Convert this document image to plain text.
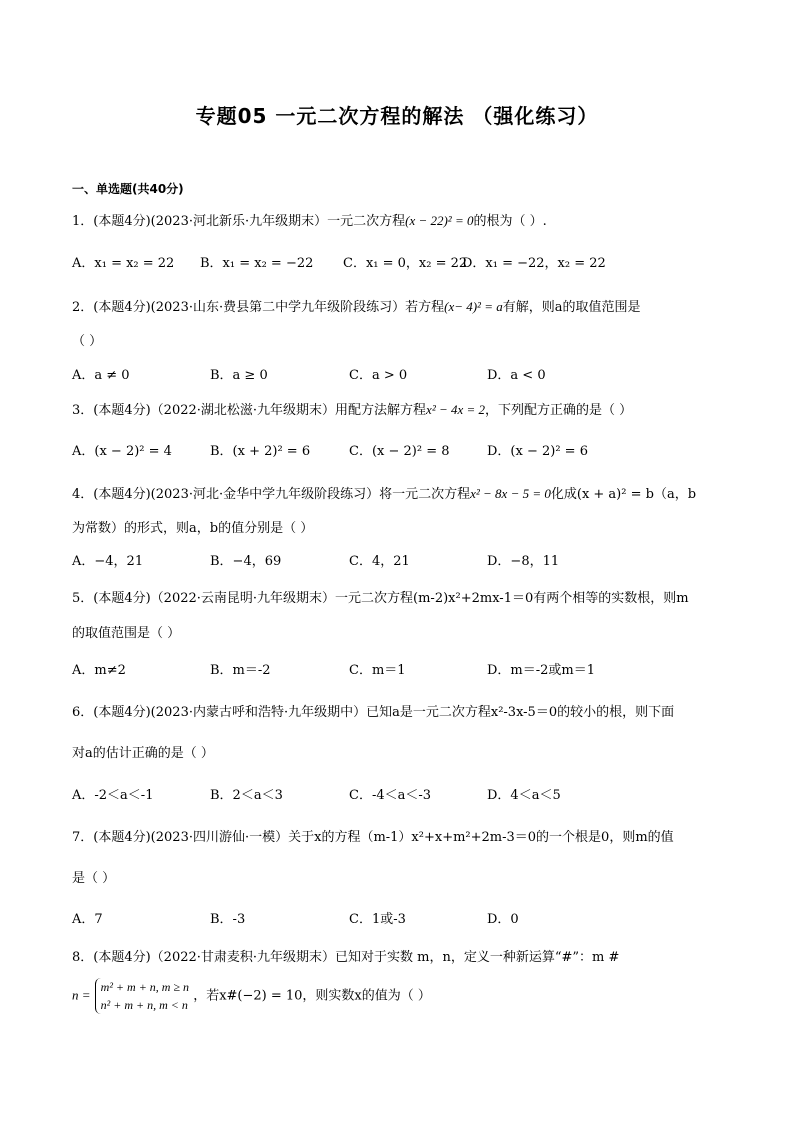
专题05 一元二次方程的解法 （强化练习）
一、单选题(共40分)
1．(本题4分)(2023·河北新乐·九年级期末）一元二次方程(x − 22)² = 0的根为（ ）.
A．x₁ = x₂ = 22 B．x₁ = x₂ = −22 C．x₁ = 0，x₂ = 22
D．x₁ = −22，x₂ = 22
2．(本题4分)(2023·山东·费县第二中学九年级阶段练习）若方程(x− 4)² = a有解，则a的取值范围是
（ ）
A．a ≠ 0	B．a ≥ 0	C．a > 0	D．a < 0
3．(本题4分)（2022·湖北松滋·九年级期末）用配方法解方程x² − 4x = 2，下列配方正确的是（ ）
A．(x − 2)² = 4	B．(x + 2)² = 6	C．(x − 2)² = 8	D．(x − 2)² = 6
4．(本题4分)(2023·河北·金华中学九年级阶段练习）将一元二次方程x² − 8x − 5 = 0化成(x + a)² = b（a，b
为常数）的形式，则a，b的值分别是（ ）
A．−4，21	B．−4，69	C．4，21	D．−8，11
5．(本题4分)（2022·云南昆明·九年级期末）一元二次方程(m-2)x²+2mx-1＝0有两个相等的实数根，则m
的取值范围是（ ）
A．m≠2	B．m＝-2	C．m＝1	D．m＝-2或m＝1
6．(本题4分)(2023·内蒙古呼和浩特·九年级期中）已知a是一元二次方程x²-3x-5＝0的较小的根，则下面
对a的估计正确的是（ ）
A．-2＜a＜-1	B．2＜a＜3	C．-4＜a＜-3	D．4＜a＜5
7．(本题4分)(2023·四川游仙·一模）关于x的方程（m-1）x²+x+m²+2m-3＝0的一个根是0，则m的值
是（ ）
A．7	B．-3	C．1或-3	D．0
8．(本题4分)（2022·甘肃麦积·九年级期末）已知对于实数 m，n，定义一种新运算“#”：m #
n = m² + m + n, m ≥ n
n² + m + n, m < n ，若x#(−2) = 10，则实数x的值为（ ）
